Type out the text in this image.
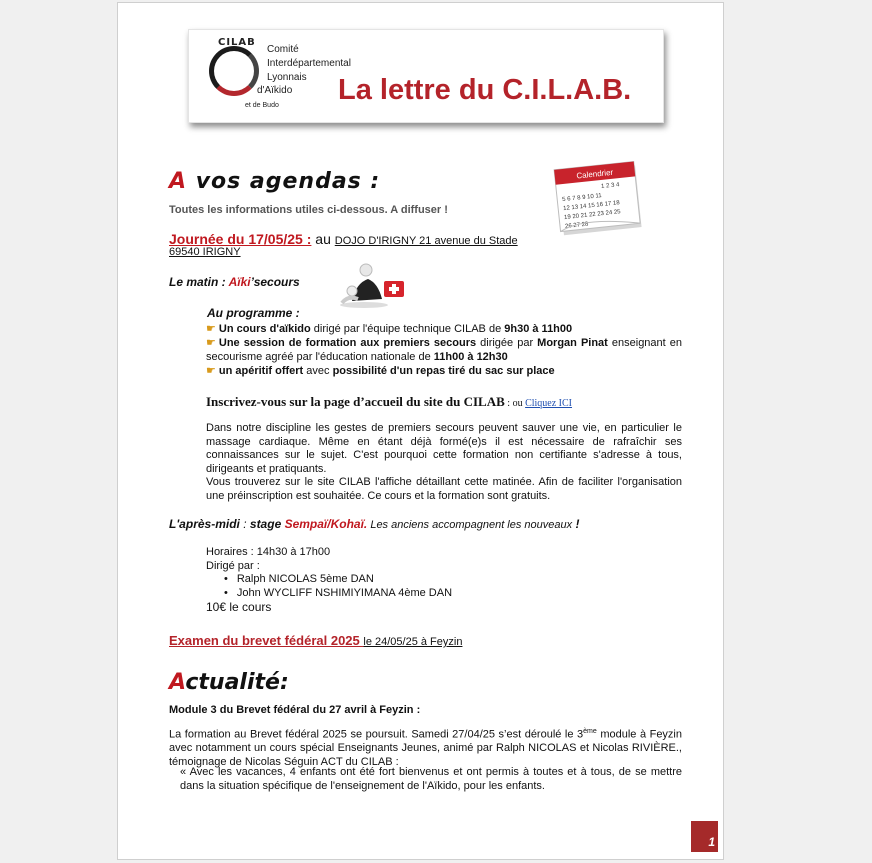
CILAB
Comité
Interdépartemental
Lyonnais
d'Aïkido
et de Budo La lettre du C.I.L.A.B.
Calendrier
1 2 3 4
5 6 7 8 9 10 11
12 13 14 15 16 17 18
19 20 21 22 23 24 25
26 27 28
A vos agendas :
Toutes les informations utiles ci-dessous. A diffuser !
Journée du 17/05/25 : au DOJO D'IRIGNY 21 avenue du Stade
69540 IRIGNY
Le matin : Aïki’secours
Au programme :
☛ Un cours d'aïkido dirigé par l'équipe technique CILAB de 9h30 à 11h00
☛ Une session de formation aux premiers secours dirigée par Morgan Pinat enseignant en secourisme agréé par l'éducation nationale de 11h00 à 12h30
☛ un apéritif offert avec possibilité d'un repas tiré du sac sur place
Inscrivez-vous sur la page d’accueil du site du CILAB : ou Cliquez ICI
Dans notre discipline les gestes de premiers secours peuvent sauver une vie, en particulier le massage cardiaque. Même en étant déjà formé(e)s il est nécessaire de rafraîchir ses connaissances sur le sujet. C'est pourquoi cette formation non certifiante s'adresse à tous, dirigeants et pratiquants.
Vous trouverez sur le site CILAB l'affiche détaillant cette matinée. Afin de faciliter l'organisation une préinscription est souhaitée. Ce cours et la formation sont gratuits.
L'après-midi : stage Sempaï/Kohaï. Les anciens accompagnent les nouveaux !
Horaires : 14h30 à 17h00
Dirigé par :
• Ralph NICOLAS 5ème DAN
• John WYCLIFF NSHIMIYIMANA 4ème DAN
10€ le cours
Examen du brevet fédéral 2025 le 24/05/25 à Feyzin
Actualité:
Module 3 du Brevet fédéral du 27 avril à Feyzin :
La formation au Brevet fédéral 2025 se poursuit. Samedi 27/04/25 s’est déroulé le 3ème module à Feyzin avec notamment un cours spécial Enseignants Jeunes, animé par Ralph NICOLAS et Nicolas RIVIÈRE., témoignage de Nicolas Séguin ACT du CILAB :
« Avec les vacances, 4 enfants ont été fort bienvenus et ont permis à toutes et à tous, de se mettre dans la situation spécifique de l'enseignement de l'Aïkido, pour les enfants.
1
